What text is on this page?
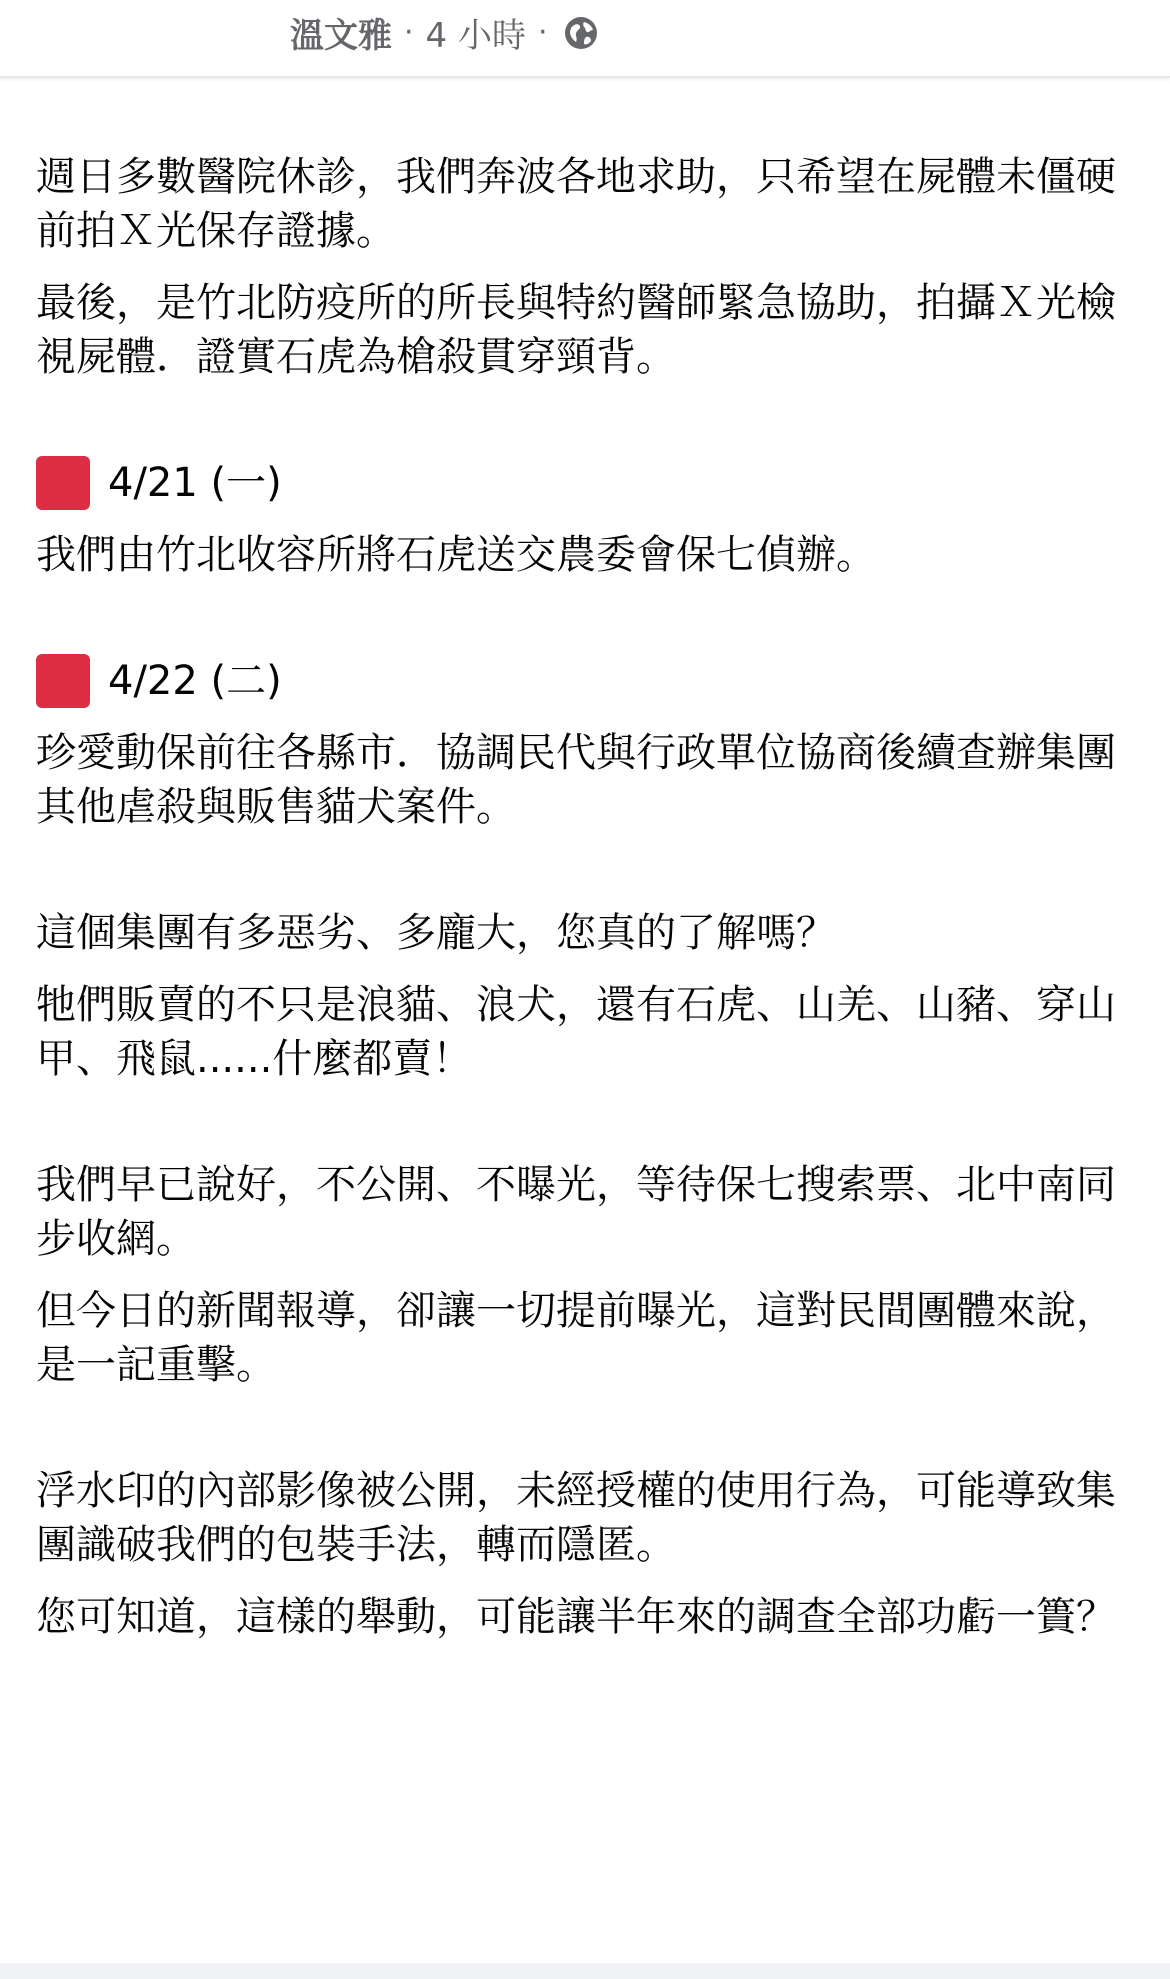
溫文雅 · 4 小時 ·

週日多數醫院休診，我們奔波各地求助，只希望在屍體未僵硬前拍Ｘ光保存證據。

最後，是竹北防疫所的所長與特約醫師緊急協助，拍攝Ｘ光檢視屍體．證實石虎為槍殺貫穿頸背。

4/21 (一)

我們由竹北收容所將石虎送交農委會保七偵辦。

4/22 (二)

珍愛動保前往各縣市．協調民代與行政單位協商後續查辦集團其他虐殺與販售貓犬案件。

這個集團有多惡劣、多龐大，您真的了解嗎？

牠們販賣的不只是浪貓、浪犬，還有石虎、山羌、山豬、穿山甲、飛鼠......什麼都賣！

我們早已說好，不公開、不曝光，等待保七搜索票、北中南同步收網。

但今日的新聞報導，卻讓一切提前曝光，這對民間團體來說，是一記重擊。

浮水印的內部影像被公開，未經授權的使用行為，可能導致集團識破我們的包裝手法，轉而隱匿。

您可知道，這樣的舉動，可能讓半年來的調查全部功虧一簣？
